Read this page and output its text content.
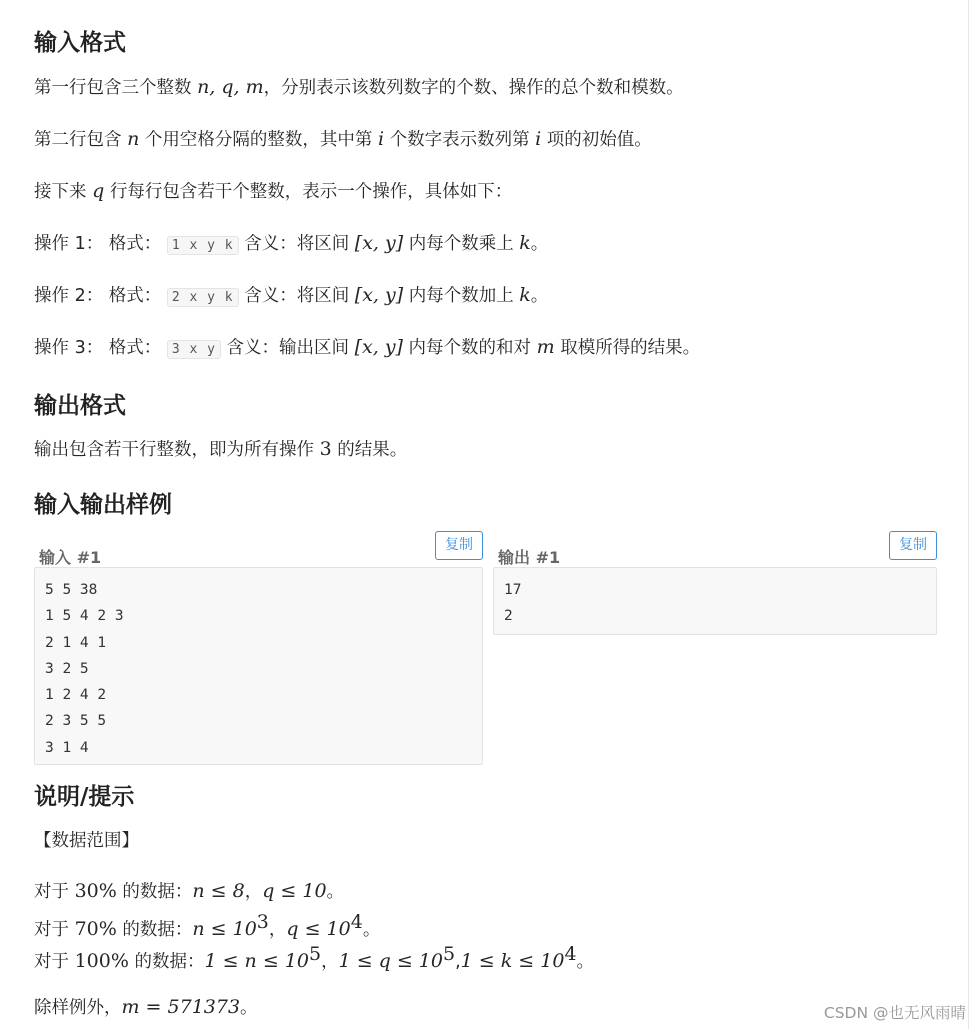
输入格式

第一行包含三个整数 n, q, m，分别表示该数列数字的个数、操作的总个数和模数。

第二行包含 n 个用空格分隔的整数，其中第 i 个数字表示数列第 i 项的初始值。

接下来 q 行每行包含若干个整数，表示一个操作，具体如下：

操作 1： 格式： 1 x y k 含义：将区间 [x, y] 内每个数乘上 k。

操作 2： 格式： 2 x y k 含义：将区间 [x, y] 内每个数加上 k。

操作 3： 格式： 3 x y 含义：输出区间 [x, y] 内每个数的和对 m 取模所得的结果。

输出格式

输出包含若干行整数，即为所有操作 3 的结果。

输入输出样例
输入 #1
复制
5 5 38
1 5 4 2 3
2 1 4 1
3 2 5
1 2 4 2
2 3 5 5
3 1 4
输出 #1
复制
17
2
说明/提示

【数据范围】

对于 30% 的数据：n ≤ 8，q ≤ 10。

对于 70% 的数据：$n \le 10^3$，$q \le 10^4$。

对于 100% 的数据：$1 \le n \le 10^5$，$1 \le q \le 10^5,1 \le k \le 10^4$。

除样例外，m = 571373。	CSDN @也无风雨晴
